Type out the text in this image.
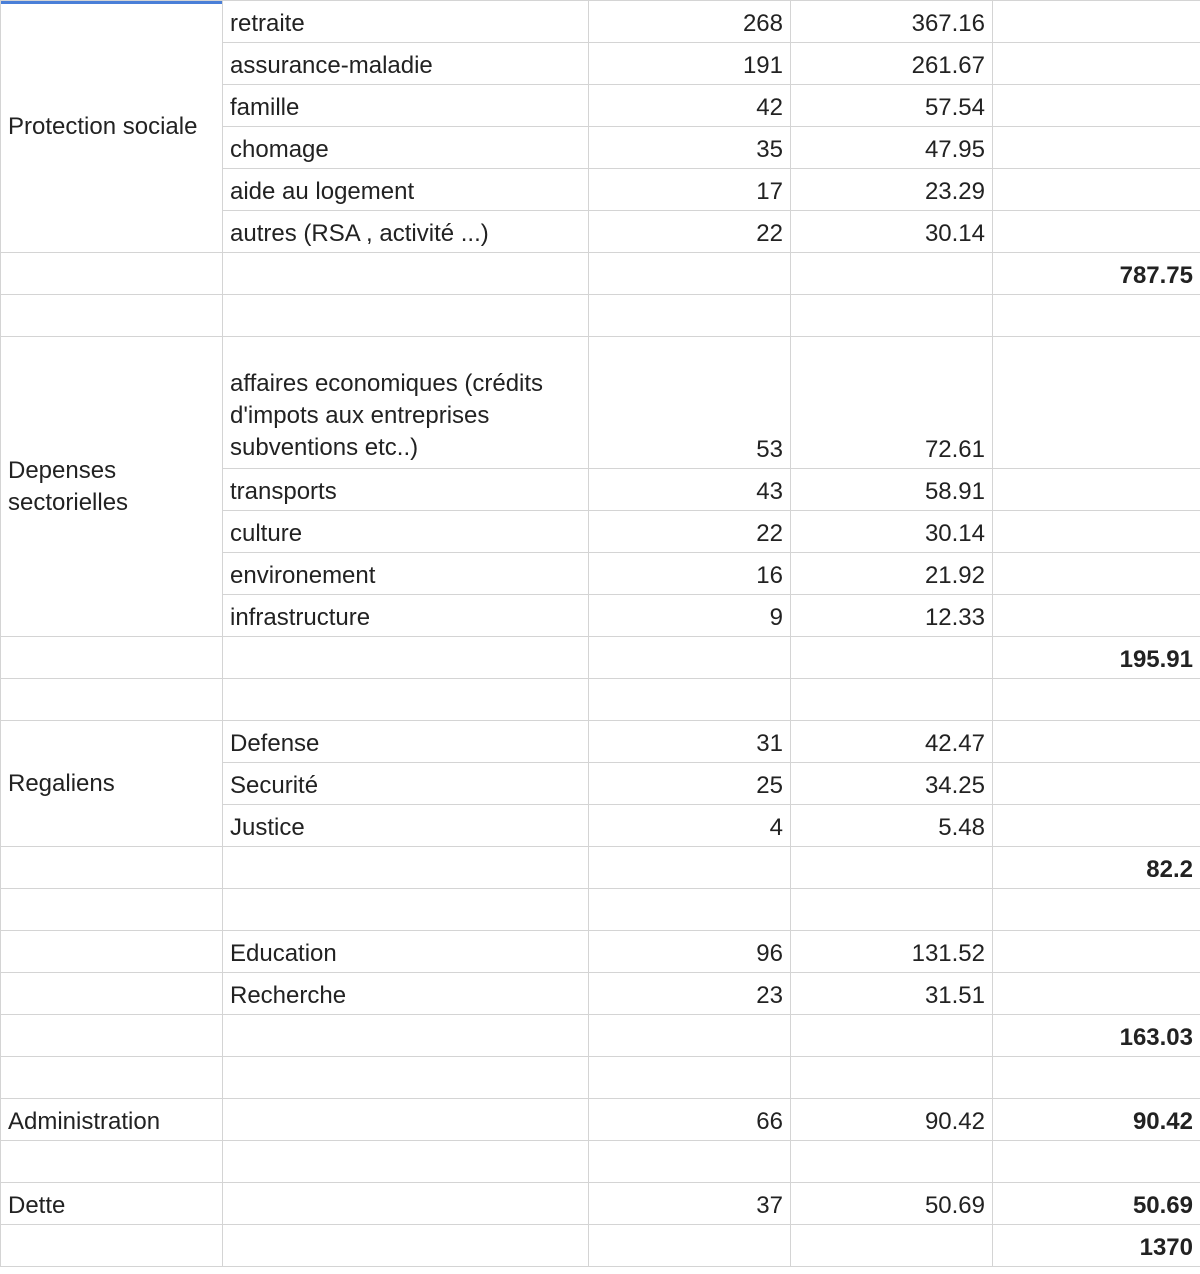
Protection sociale	retraite	268	367.16	
	assurance-maladie	191	261.67	
	famille	42	57.54	
	chomage	35	47.95	
	aide au logement	17	23.29	
	autres (RSA , activité ...)	22	30.14	
				787.75

Depenses sectorielles	affaires economiques (crédits d'impots aux entreprises subventions etc..)	53	72.61	
	transports	43	58.91	
	culture	22	30.14	
	environement	16	21.92	
	infrastructure	9	12.33	
				195.91

Regaliens	Defense	31	42.47	
	Securité	25	34.25	
	Justice	4	5.48	
				82.2

	Education	96	131.52	
	Recherche	23	31.51	
				163.03

Administration		66	90.42	90.42

Dette		37	50.69	50.69
				1370
